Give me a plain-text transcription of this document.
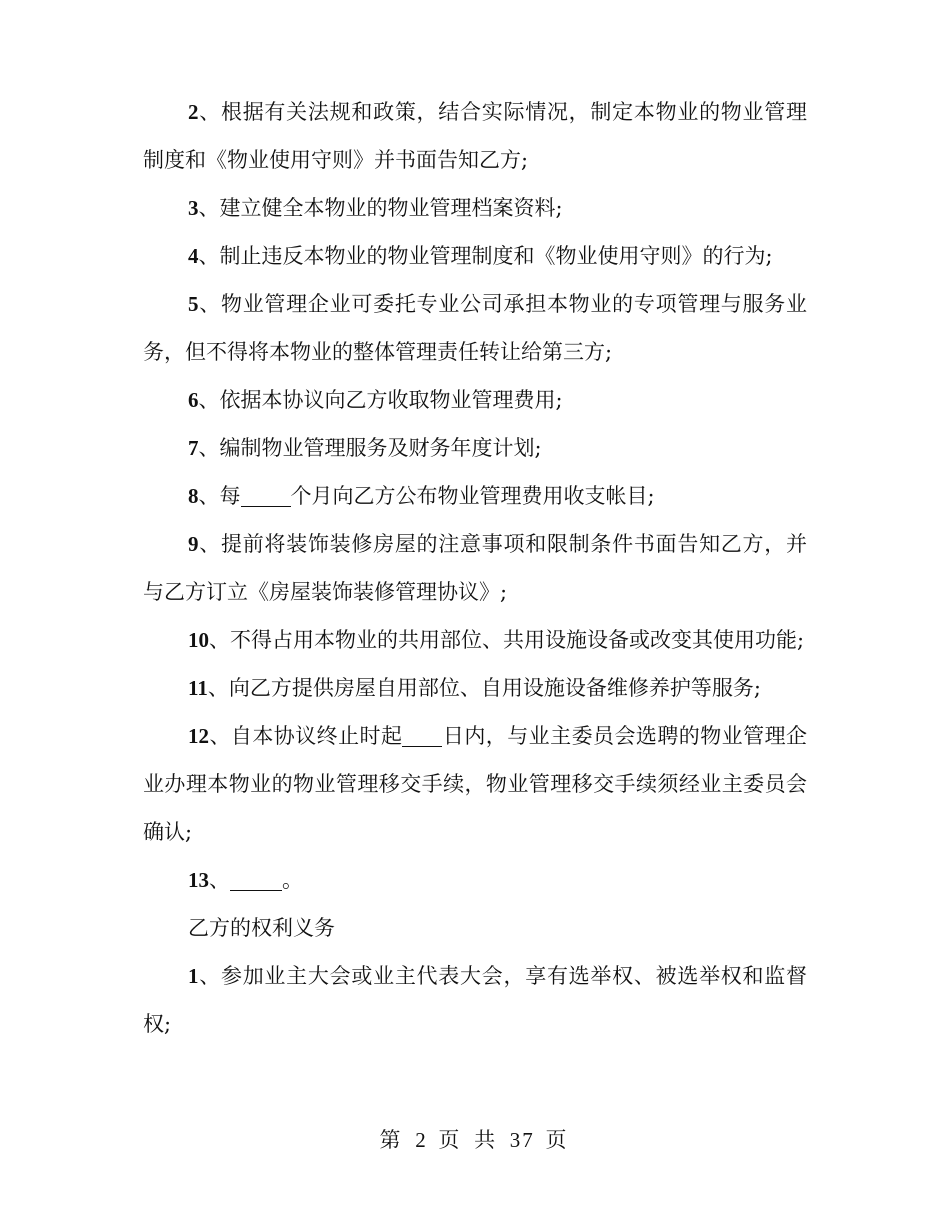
2、根据有关法规和政策，结合实际情况，制定本物业的物业管理制度和《物业使用守则》并书面告知乙方;

3、建立健全本物业的物业管理档案资料;

4、制止违反本物业的物业管理制度和《物业使用守则》的行为;

5、物业管理企业可委托专业公司承担本物业的专项管理与服务业务，但不得将本物业的整体管理责任转让给第三方;

6、依据本协议向乙方收取物业管理费用;

7、编制物业管理服务及财务年度计划;

8、每 个月向乙方公布物业管理费用收支帐目;

9、提前将装饰装修房屋的注意事项和限制条件书面告知乙方，并与乙方订立《房屋装饰装修管理协议》;

10、不得占用本物业的共用部位、共用设施设备或改变其使用功能;

11、向乙方提供房屋自用部位、自用设施设备维修养护等服务;

12、自本协议终止时起 日内，与业主委员会选聘的物业管理企业办理本物业的物业管理移交手续，物业管理移交手续须经业主委员会确认;

13、 。

乙方的权利义务

1、参加业主大会或业主代表大会，享有选举权、被选举权和监督权;

第 2 页 共 37 页
